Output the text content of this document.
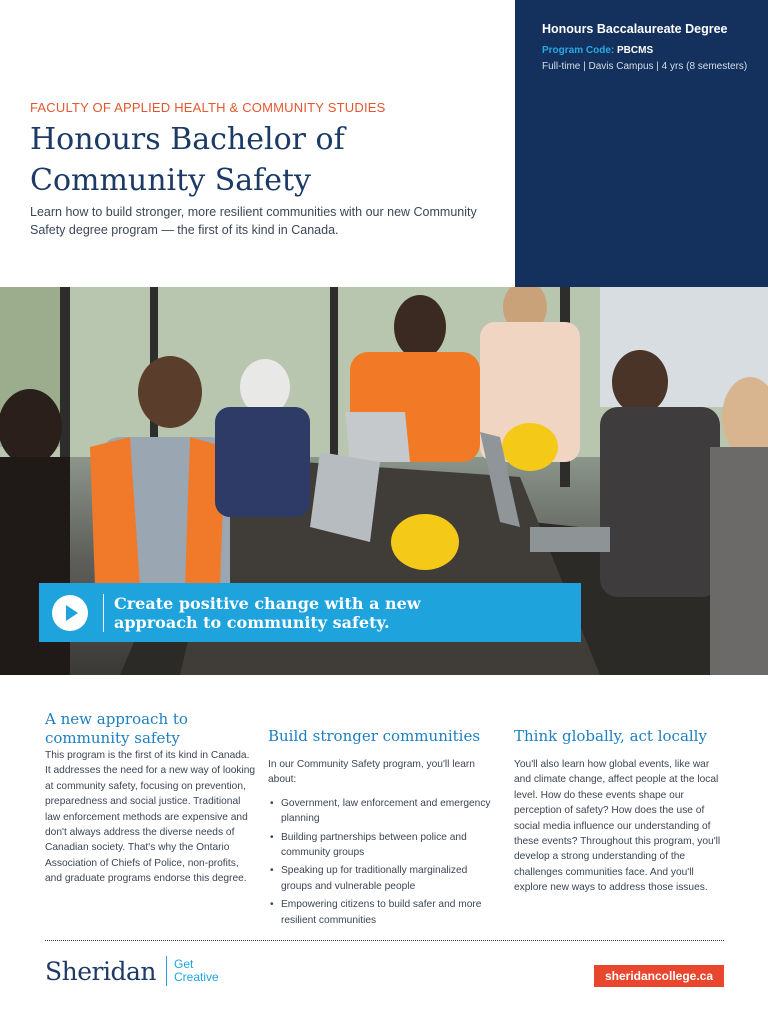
Honours Baccalaureate Degree
Program Code: PBCMS
Full-time | Davis Campus | 4 yrs (8 semesters)
FACULTY OF APPLIED HEALTH & COMMUNITY STUDIES
Honours Bachelor of
Community Safety

Learn how to build stronger, more resilient communities with our new Community Safety degree program — the first of its kind in Canada.

Create positive change with a new
approach to community safety.
A new approach to
community safety

This program is the first of its kind in Canada. It addresses the need for a new way of looking at community safety, focusing on prevention, preparedness and social justice. Traditional law enforcement methods are expensive and don't always address the diverse needs of Canadian society. That's why the Ontario Association of Chiefs of Police, non-profits, and graduate programs endorse this degree.

Build stronger communities

In our Community Safety program, you'll learn about:

• Government, law enforcement and emergency planning
• Building partnerships between police and community groups
• Speaking up for traditionally marginalized groups and vulnerable people
• Empowering citizens to build safer and more resilient communities
Think globally, act locally

You'll also learn how global events, like war and climate change, affect people at the local level. How do these events shape our perception of safety? How does the use of social media influence our understanding of these events? Throughout this program, you'll develop a strong understanding of the challenges communities face. And you'll explore new ways to address those issues.

Sheridan Get
Creative	sheridancollege.ca
